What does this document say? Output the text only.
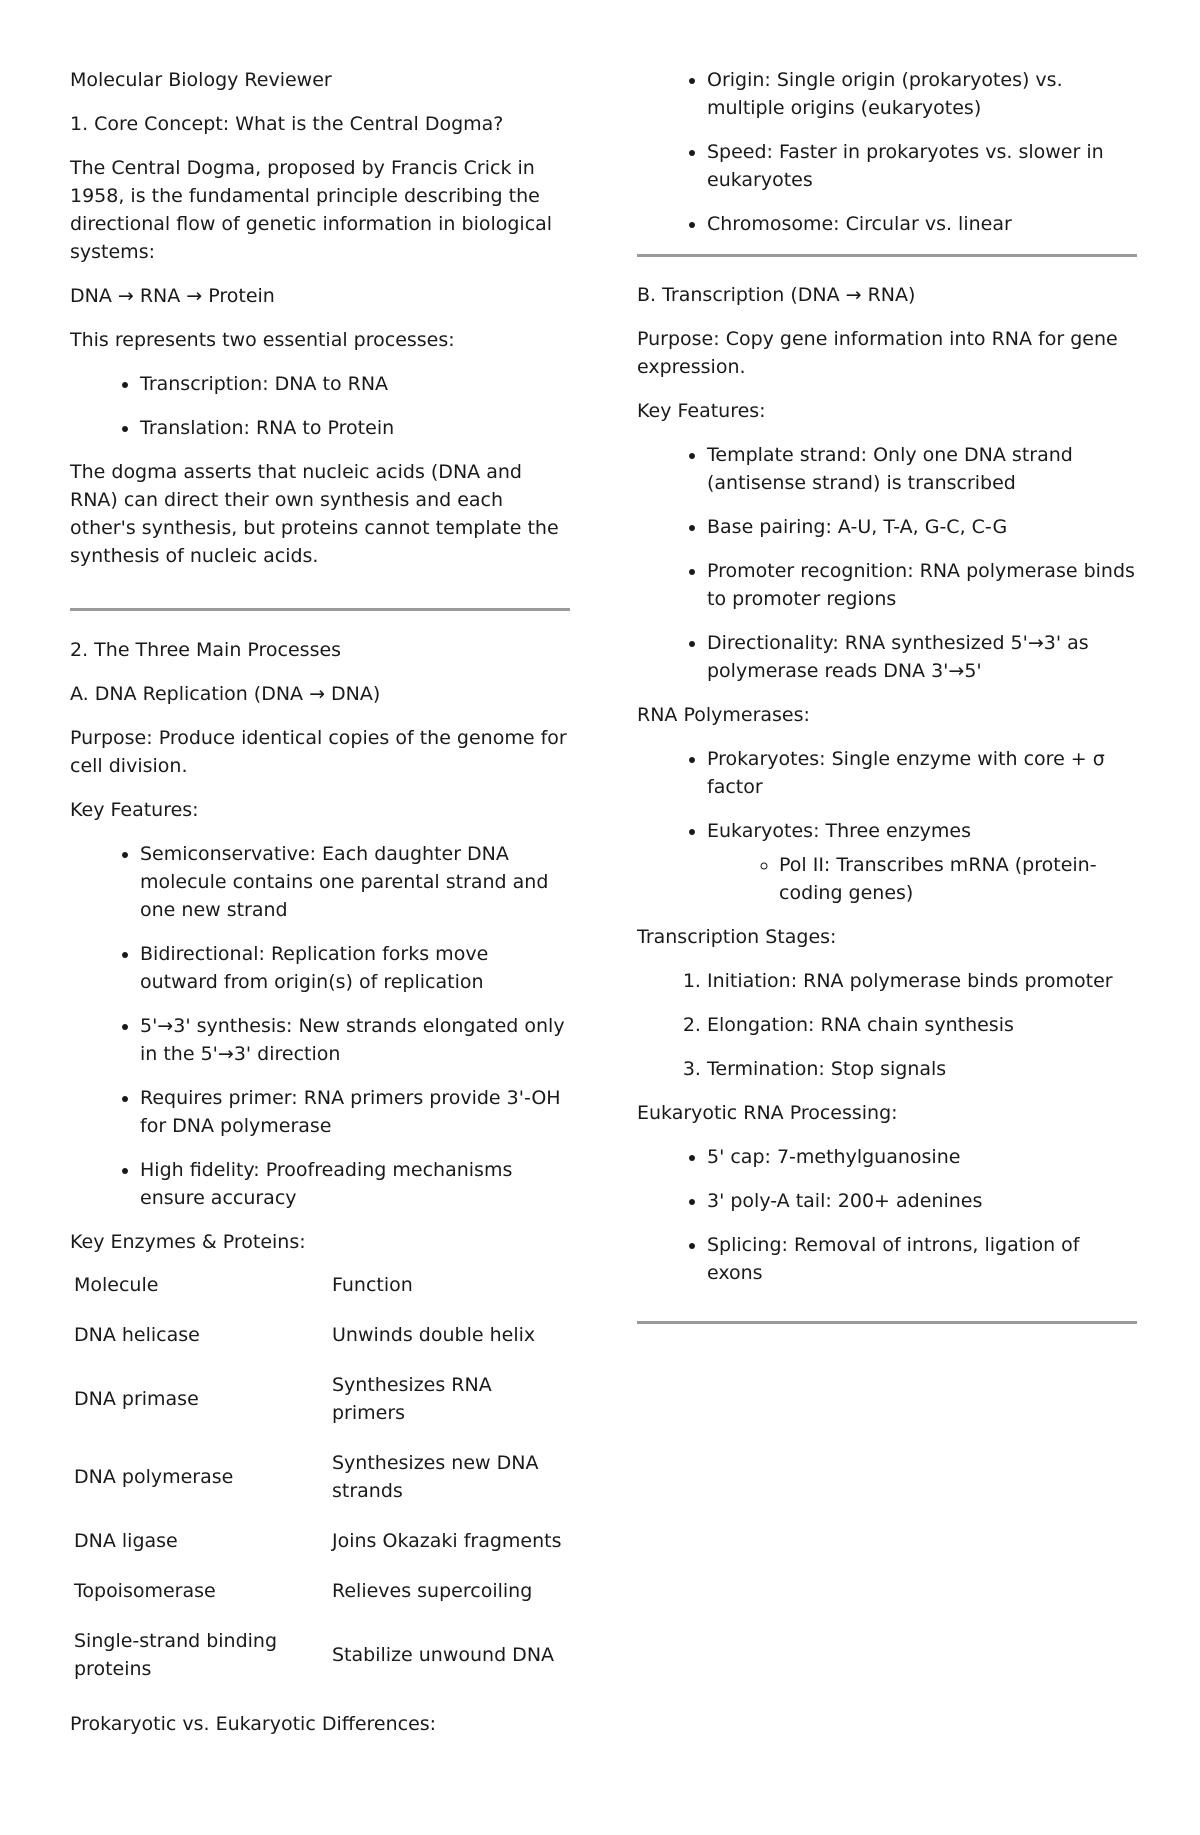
Molecular Biology Reviewer

1. Core Concept: What is the Central Dogma?

The Central Dogma, proposed by Francis Crick in 1958, is the fundamental principle describing the directional flow of genetic information in biological systems:

DNA → RNA → Protein

This represents two essential processes:

• Transcription: DNA to RNA
• Translation: RNA to Protein

The dogma asserts that nucleic acids (DNA and RNA) can direct their own synthesis and each other's synthesis, but proteins cannot template the synthesis of nucleic acids.

2. The Three Main Processes

A. DNA Replication (DNA → DNA)

Purpose: Produce identical copies of the genome for cell division.

Key Features:

• Semiconservative: Each daughter DNA molecule contains one parental strand and one new strand
• Bidirectional: Replication forks move outward from origin(s) of replication
• 5'→3' synthesis: New strands elongated only in the 5'→3' direction
• Requires primer: RNA primers provide 3'-OH for DNA polymerase
• High fidelity: Proofreading mechanisms ensure accuracy

Key Enzymes & Proteins:

Molecule	Function
DNA helicase	Unwinds double helix
DNA primase	Synthesizes RNA primers
DNA polymerase	Synthesizes new DNA strands
DNA ligase	Joins Okazaki fragments
Topoisomerase	Relieves supercoiling
Single-strand binding proteins	Stabilize unwound DNA

Prokaryotic vs. Eukaryotic Differences:

• Origin: Single origin (prokaryotes) vs. multiple origins (eukaryotes)
• Speed: Faster in prokaryotes vs. slower in eukaryotes
• Chromosome: Circular vs. linear

B. Transcription (DNA → RNA)

Purpose: Copy gene information into RNA for gene expression.

Key Features:

• Template strand: Only one DNA strand (antisense strand) is transcribed
• Base pairing: A-U, T-A, G-C, C-G
• Promoter recognition: RNA polymerase binds to promoter regions
• Directionality: RNA synthesized 5'→3' as polymerase reads DNA 3'→5'

RNA Polymerases:

• Prokaryotes: Single enzyme with core + σ factor
• Eukaryotes: Three enzymes
◦ Pol II: Transcribes mRNA (protein-coding genes)

Transcription Stages:

1. Initiation: RNA polymerase binds promoter
2. Elongation: RNA chain synthesis
3. Termination: Stop signals

Eukaryotic RNA Processing:

• 5' cap: 7-methylguanosine
• 3' poly-A tail: 200+ adenines
• Splicing: Removal of introns, ligation of exons
